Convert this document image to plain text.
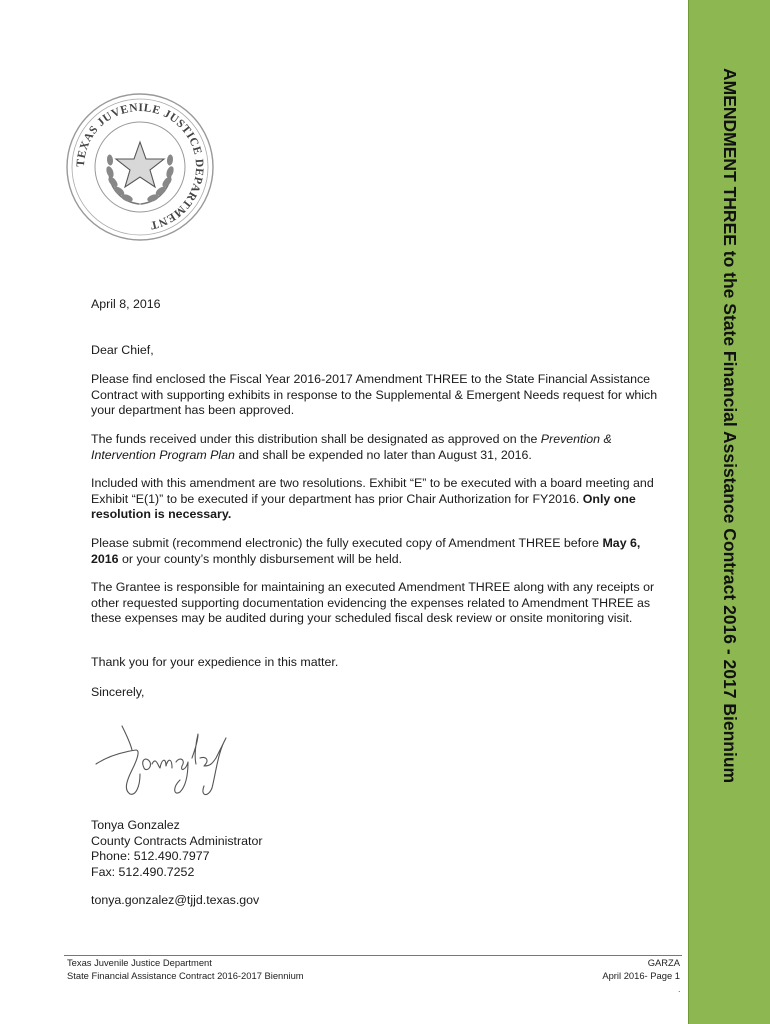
AMENDMENT THREE to the State Financial Assistance Contract 2016 - 2017 Biennium
TEXAS JUVENILE JUSTICE DEPARTMENT
April 8, 2016
Dear Chief,
Please find enclosed the Fiscal Year 2016-2017 Amendment THREE to the State Financial Assistance Contract with supporting exhibits in response to the Supplemental & Emergent Needs request for which your department has been approved.
The funds received under this distribution shall be designated as approved on the Prevention & Intervention Program Plan and shall be expended no later than August 31, 2016.
Included with this amendment are two resolutions. Exhibit “E” to be executed with a board meeting and Exhibit “E(1)” to be executed if your department has prior Chair Authorization for FY2016. Only one resolution is necessary.
Please submit (recommend electronic) the fully executed copy of Amendment THREE before May 6, 2016 or your county’s monthly disbursement will be held.
The Grantee is responsible for maintaining an executed Amendment THREE along with any receipts or other requested supporting documentation evidencing the expenses related to Amendment THREE as these expenses may be audited during your scheduled fiscal desk review or onsite monitoring visit.
Thank you for your expedience in this matter.
Sincerely,

Tonya Gonzalez

County Contracts Administrator

Phone: 512.490.7977

Fax: 512.490.7252

tonya.gonzalez@tjjd.texas.gov
Texas Juvenile Justice Department
State Financial Assistance Contract 2016-2017 Biennium
GARZA
April 2016- Page 1
.
